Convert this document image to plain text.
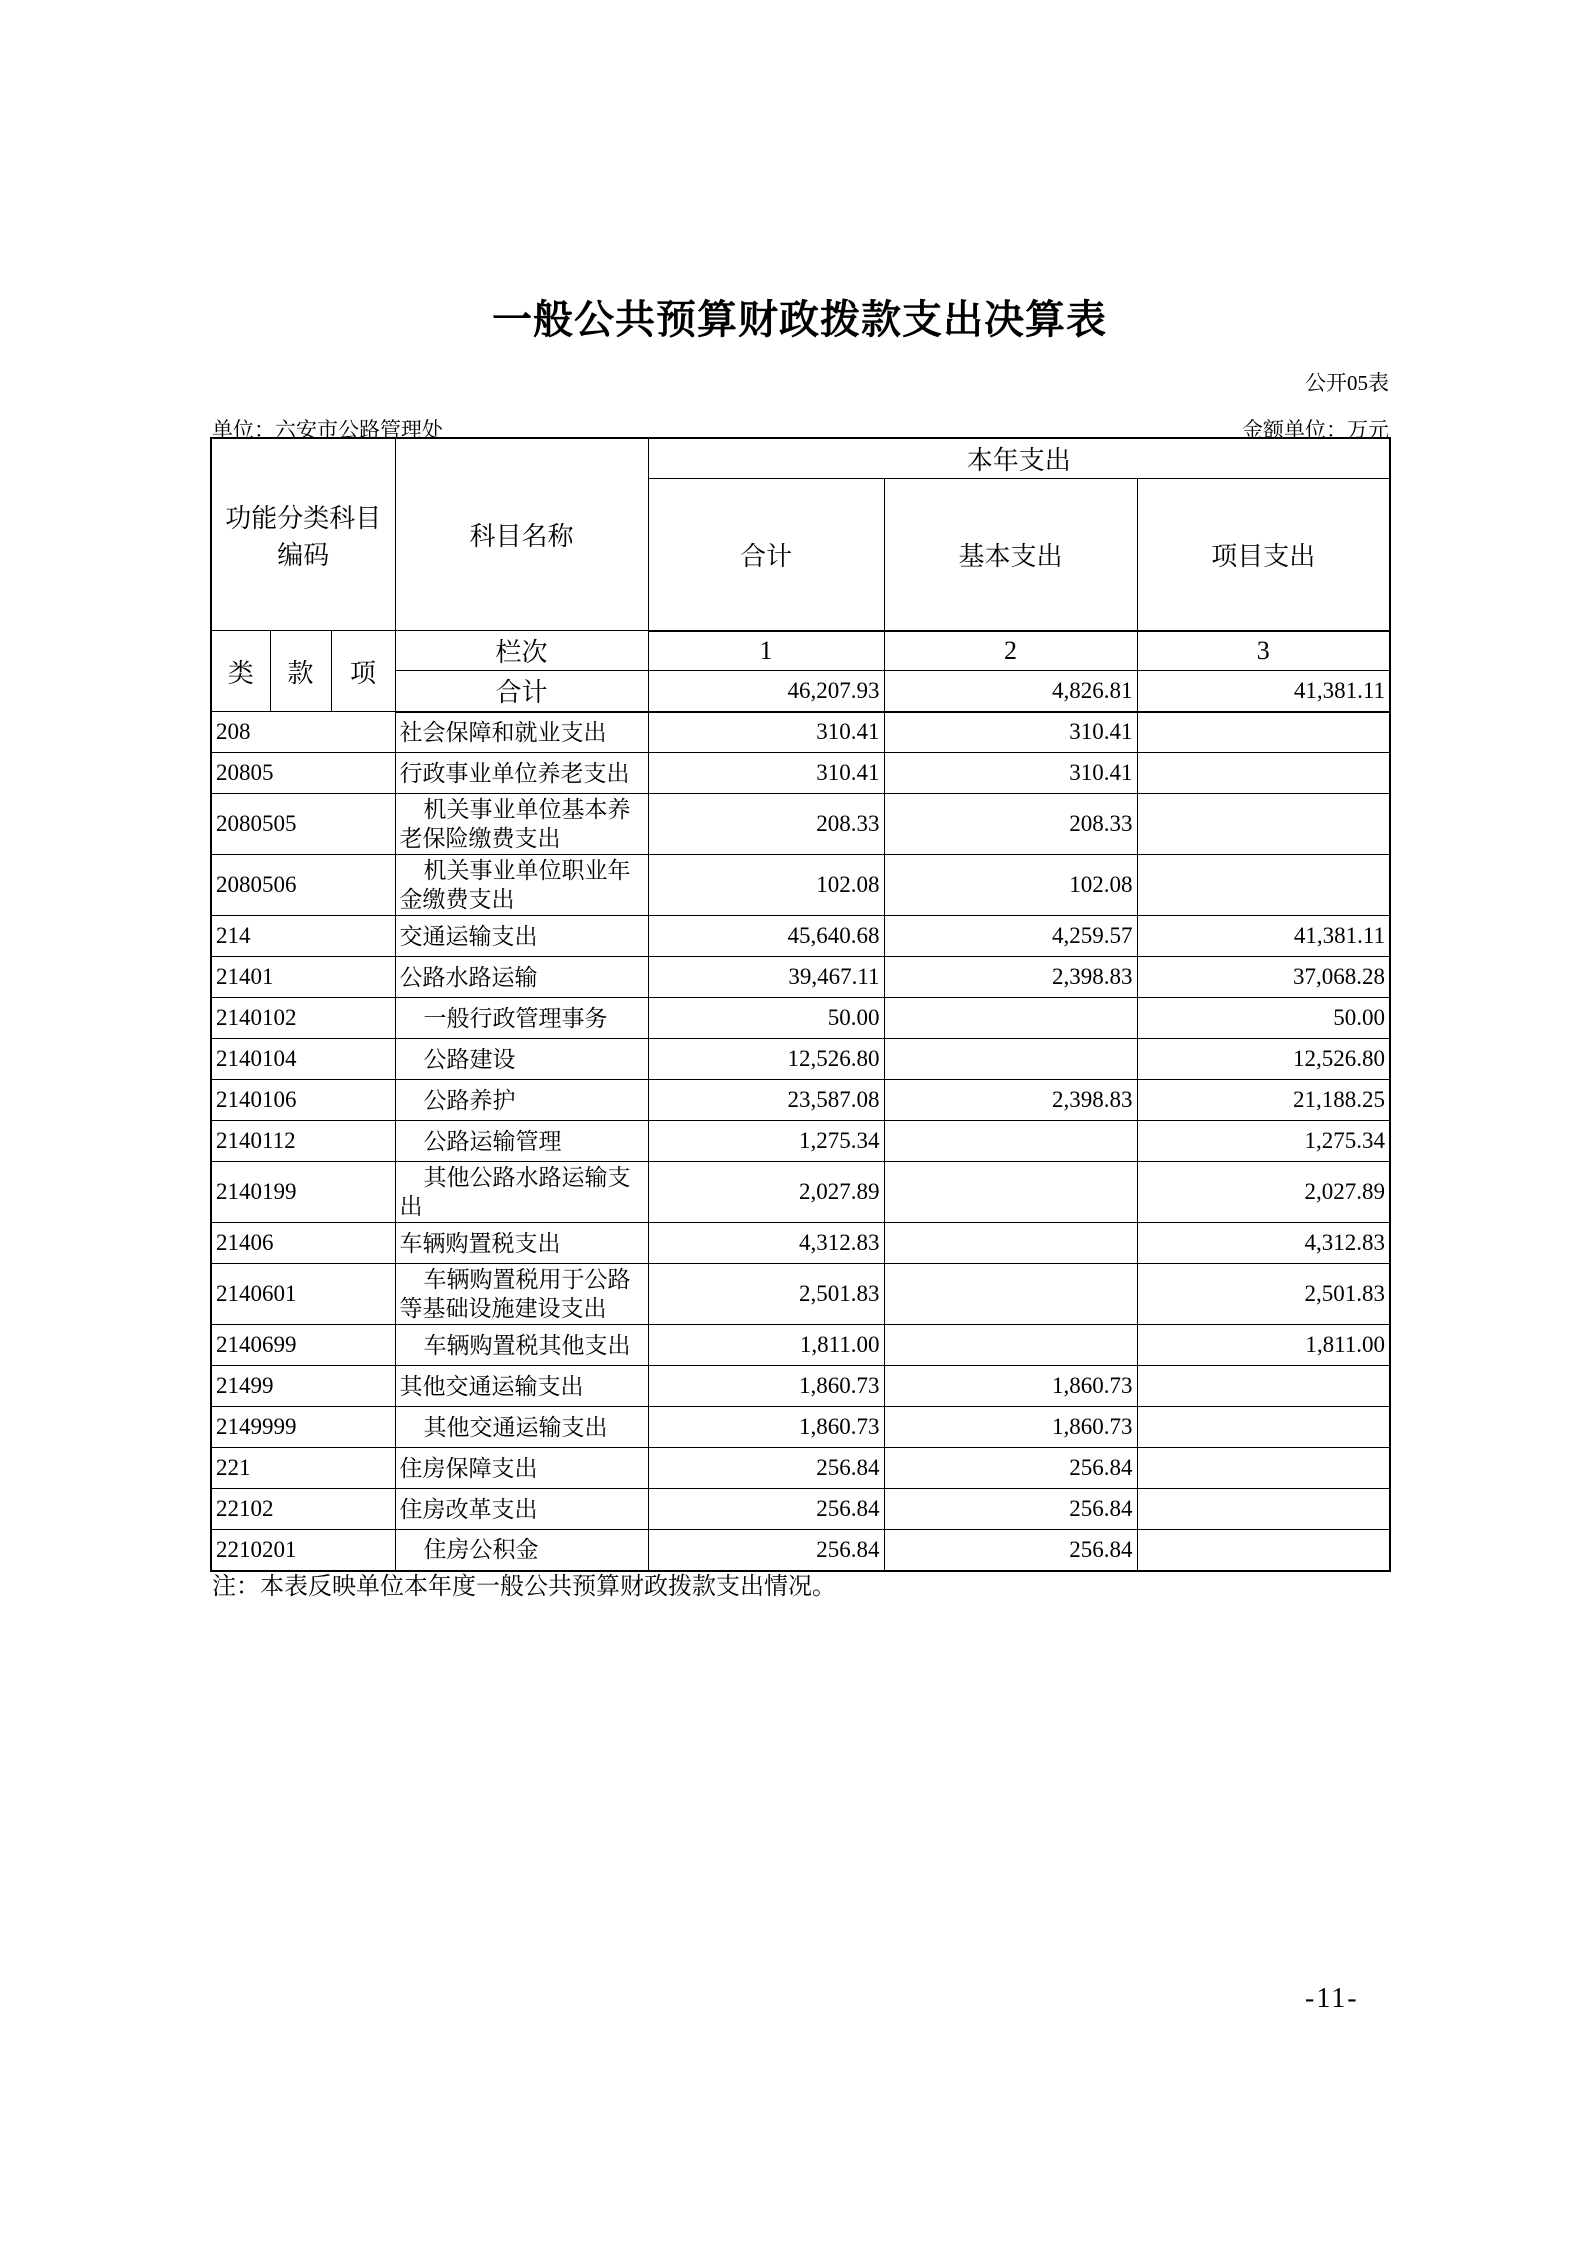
一般公共预算财政拨款支出决算表
公开05表
单位：六安市公路管理处	金额单位：万元
功能分类科目编码			科目名称	本年支出		
				合计	基本支出	项目支出
类	款	项	栏次	1	2	3
			合计	46,207.93	4,826.81	41,381.11
208			社会保障和就业支出	310.41	310.41	
20805			行政事业单位养老支出	310.41	310.41	
2080505			机关事业单位基本养老保险缴费支出	208.33	208.33	
2080506			机关事业单位职业年金缴费支出	102.08	102.08	
214			交通运输支出	45,640.68	4,259.57	41,381.11
21401			公路水路运输	39,467.11	2,398.83	37,068.28
2140102			一般行政管理事务	50.00		50.00
2140104			公路建设	12,526.80		12,526.80
2140106			公路养护	23,587.08	2,398.83	21,188.25
2140112			公路运输管理	1,275.34		1,275.34
2140199			其他公路水路运输支出	2,027.89		2,027.89
21406			车辆购置税支出	4,312.83		4,312.83
2140601			车辆购置税用于公路等基础设施建设支出	2,501.83		2,501.83
2140699			车辆购置税其他支出	1,811.00		1,811.00
21499			其他交通运输支出	1,860.73	1,860.73	
2149999			其他交通运输支出	1,860.73	1,860.73	
221			住房保障支出	256.84	256.84	
22102			住房改革支出	256.84	256.84	
2210201			住房公积金	256.84	256.84	
注：本表反映单位本年度一般公共预算财政拨款支出情况。
-11-
